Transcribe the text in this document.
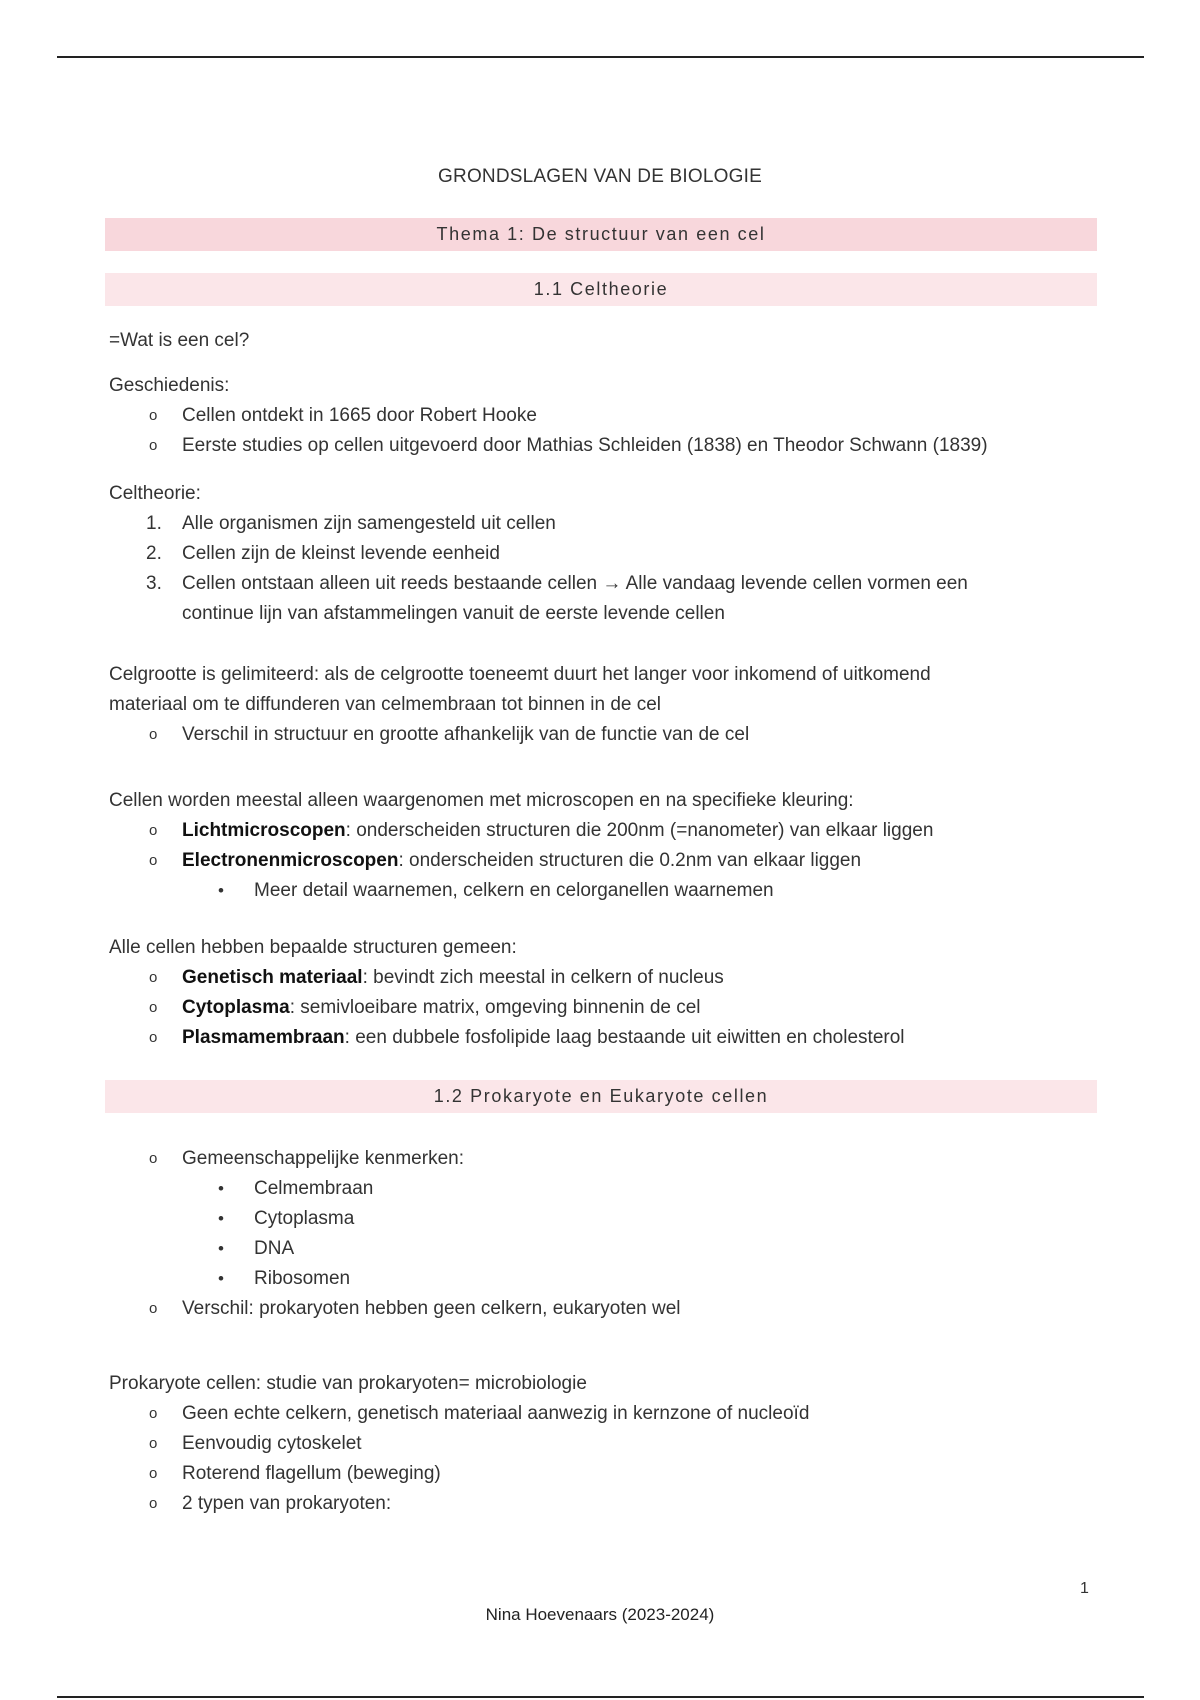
GRONDSLAGEN VAN DE BIOLOGIE
Thema 1: De structuur van een cel
1.1 Celtheorie

=Wat is een cel?

Geschiedenis:

o Cellen ontdekt in 1665 door Robert Hooke

o Eerste studies op cellen uitgevoerd door Mathias Schleiden (1838) en Theodor Schwann (1839)

Celtheorie:

1. Alle organismen zijn samengesteld uit cellen

2. Cellen zijn de kleinst levende eenheid

3. Cellen ontstaan alleen uit reeds bestaande cellen → Alle vandaag levende cellen vormen een

continue lijn van afstammelingen vanuit de eerste levende cellen

Celgrootte is gelimiteerd: als de celgrootte toeneemt duurt het langer voor inkomend of uitkomend

materiaal om te diffunderen van celmembraan tot binnen in de cel

o Verschil in structuur en grootte afhankelijk van de functie van de cel

Cellen worden meestal alleen waargenomen met microscopen en na specifieke kleuring:

o Lichtmicroscopen: onderscheiden structuren die 200nm (=nanometer) van elkaar liggen

o Electronenmicroscopen: onderscheiden structuren die 0.2nm van elkaar liggen

• Meer detail waarnemen, celkern en celorganellen waarnemen

Alle cellen hebben bepaalde structuren gemeen:

o Genetisch materiaal: bevindt zich meestal in celkern of nucleus

o Cytoplasma: semivloeibare matrix, omgeving binnenin de cel

o Plasmamembraan: een dubbele fosfolipide laag bestaande uit eiwitten en cholesterol

1.2 Prokaryote en Eukaryote cellen

o Gemeenschappelijke kenmerken:

• Celmembraan

• Cytoplasma

• DNA

• Ribosomen

o Verschil: prokaryoten hebben geen celkern, eukaryoten wel

Prokaryote cellen: studie van prokaryoten= microbiologie

o Geen echte celkern, genetisch materiaal aanwezig in kernzone of nucleoïd

o Eenvoudig cytoskelet

o Roterend flagellum (beweging)

o 2 typen van prokaryoten:

1
Nina Hoevenaars (2023-2024)
